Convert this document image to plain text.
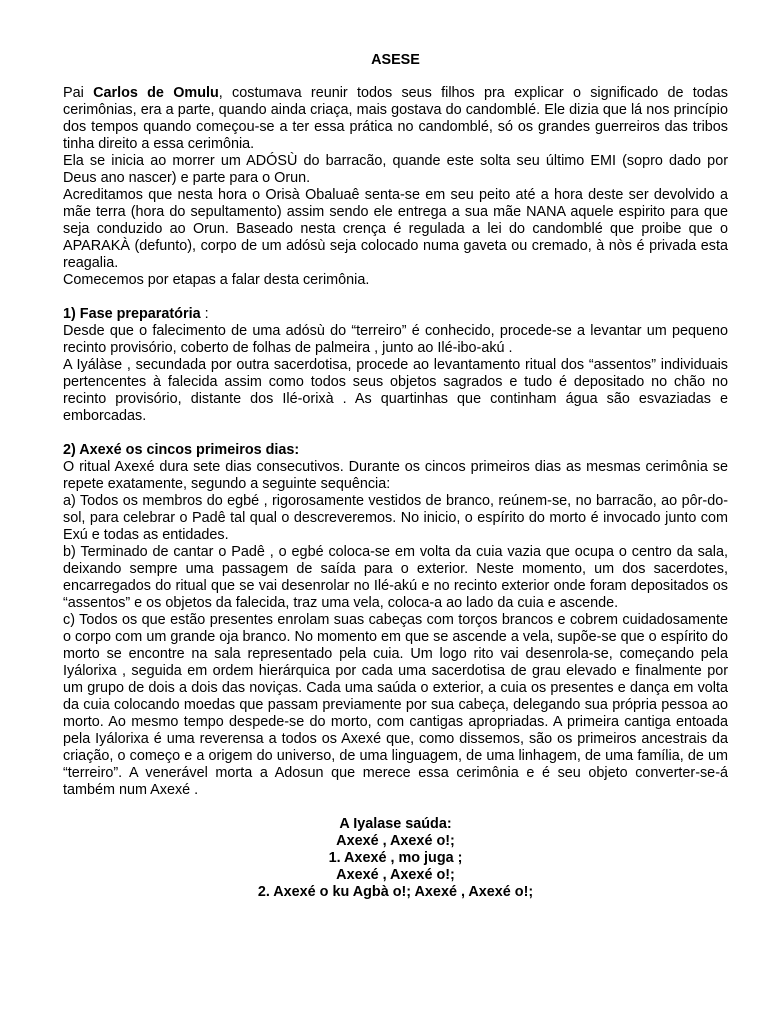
ASESE

Pai Carlos de Omulu, costumava reunir todos seus filhos pra explicar o significado de todas cerimônias, era a parte, quando ainda criaça, mais gostava do candomblé. Ele dizia que lá nos princípio dos tempos quando começou-se a ter essa prática no candomblé, só os grandes guerreiros das tribos tinha direito a essa cerimônia.

Ela se inicia ao morrer um ADÓSÙ do barracão, quande este solta seu último EMI (sopro dado por Deus ano nascer) e parte para o Orun.

Acreditamos que nesta hora o Orisà Obaluaê senta-se em seu peito até a hora deste ser devolvido a mãe terra (hora do sepultamento) assim sendo ele entrega a sua mãe NANA aquele espirito para que seja conduzido ao Orun. Baseado nesta crença é regulada a lei do candomblé que proibe que o APARAKÀ (defunto), corpo de um adósù seja colocado numa gaveta ou cremado, à nòs é privada esta reagalia.

Comecemos por etapas a falar desta cerimônia.

1) Fase preparatória :

Desde que o falecimento de uma adósù do “terreiro” é conhecido, procede-se a levantar um pequeno recinto provisório, coberto de folhas de palmeira , junto ao Ilé-ibo-akú .

A Iyálàse , secundada por outra sacerdotisa, procede ao levantamento ritual dos “assentos” individuais pertencentes à falecida assim como todos seus objetos sagrados e tudo é depositado no chão no recinto provisório, distante dos Ilé-orixà . As quartinhas que continham água são esvaziadas e emborcadas.

2) Axexé os cincos primeiros dias:

O ritual Axexé dura sete dias consecutivos. Durante os cincos primeiros dias as mesmas cerimônia se repete exatamente, segundo a seguinte sequência:

a) Todos os membros do egbé , rigorosamente vestidos de branco, reúnem-se, no barracão, ao pôr-do-sol, para celebrar o Padê tal qual o descreveremos. No inicio, o espírito do morto é invocado junto com Exú e todas as entidades.

b) Terminado de cantar o Padê , o egbé coloca-se em volta da cuia vazia que ocupa o centro da sala, deixando sempre uma passagem de saída para o exterior. Neste momento, um dos sacerdotes, encarregados do ritual que se vai desenrolar no Ilé-akú e no recinto exterior onde foram depositados os “assentos” e os objetos da falecida, traz uma vela, coloca-a ao lado da cuia e ascende.

c) Todos os que estão presentes enrolam suas cabeças com torços brancos e cobrem cuidadosamente o corpo com um grande oja branco. No momento em que se ascende a vela, supõe-se que o espírito do morto se encontre na sala representado pela cuia. Um logo rito vai desenrola-se, começando pela Iyálorixa , seguida em ordem hierárquica por cada uma sacerdotisa de grau elevado e finalmente por um grupo de dois a dois das noviças. Cada uma saúda o exterior, a cuia os presentes e dança em volta da cuia colocando moedas que passam previamente por sua cabeça, delegando sua própria pessoa ao morto. Ao mesmo tempo despede-se do morto, com cantigas apropriadas. A primeira cantiga entoada pela Iyálorixa é uma reverensa a todos os Axexé que, como dissemos, são os primeiros ancestrais da criação, o começo e a origem do universo, de uma linguagem, de uma linhagem, de uma família, de um “terreiro”. A venerável morta a Adosun que merece essa cerimônia e é seu objeto converter-se-á também num Axexé .

A Iyalase saúda:
Axexé , Axexé o!;
1. Axexé , mo juga ;
Axexé , Axexé o!;
2. Axexé o ku Agbà o!; Axexé , Axexé o!;
